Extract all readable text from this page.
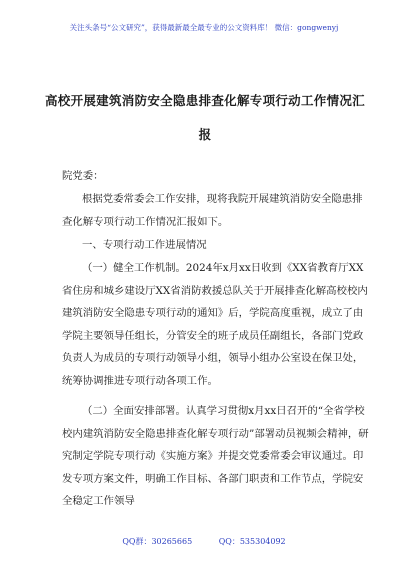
关注头条号“公文研究”，获得最新最全最专业的公文资料库！ 微信：gongwenyj
高校开展建筑消防安全隐患排查化解专项行动工作情况汇
报
院党委：
根据党委常委会工作安排，现将我院开展建筑消防安全隐患排查化解专项行动工作情况汇报如下。
一、专项行动工作进展情况
（一）健全工作机制。2024年x月xx日收到《XX省教育厅XX省住房和城乡建设厅XX省消防救援总队关于开展排查化解高校校内建筑消防安全隐患专项行动的通知》后，学院高度重视，成立了由学院主要领导任组长，分管安全的班子成员任副组长，各部门党政负责人为成员的专项行动领导小组，领导小组办公室设在保卫处，统筹协调推进专项行动各项工作。
（二）全面安排部署。认真学习贯彻x月xx日召开的“全省学校校内建筑消防安全隐患排查化解专项行动”部署动员视频会精神，研究制定学院专项行动《实施方案》并提交党委常委会审议通过。印发专项方案文件，明确工作目标、各部门职责和工作节点，学院安全稳定工作领导
QQ群：30265665	QQ：535304092
